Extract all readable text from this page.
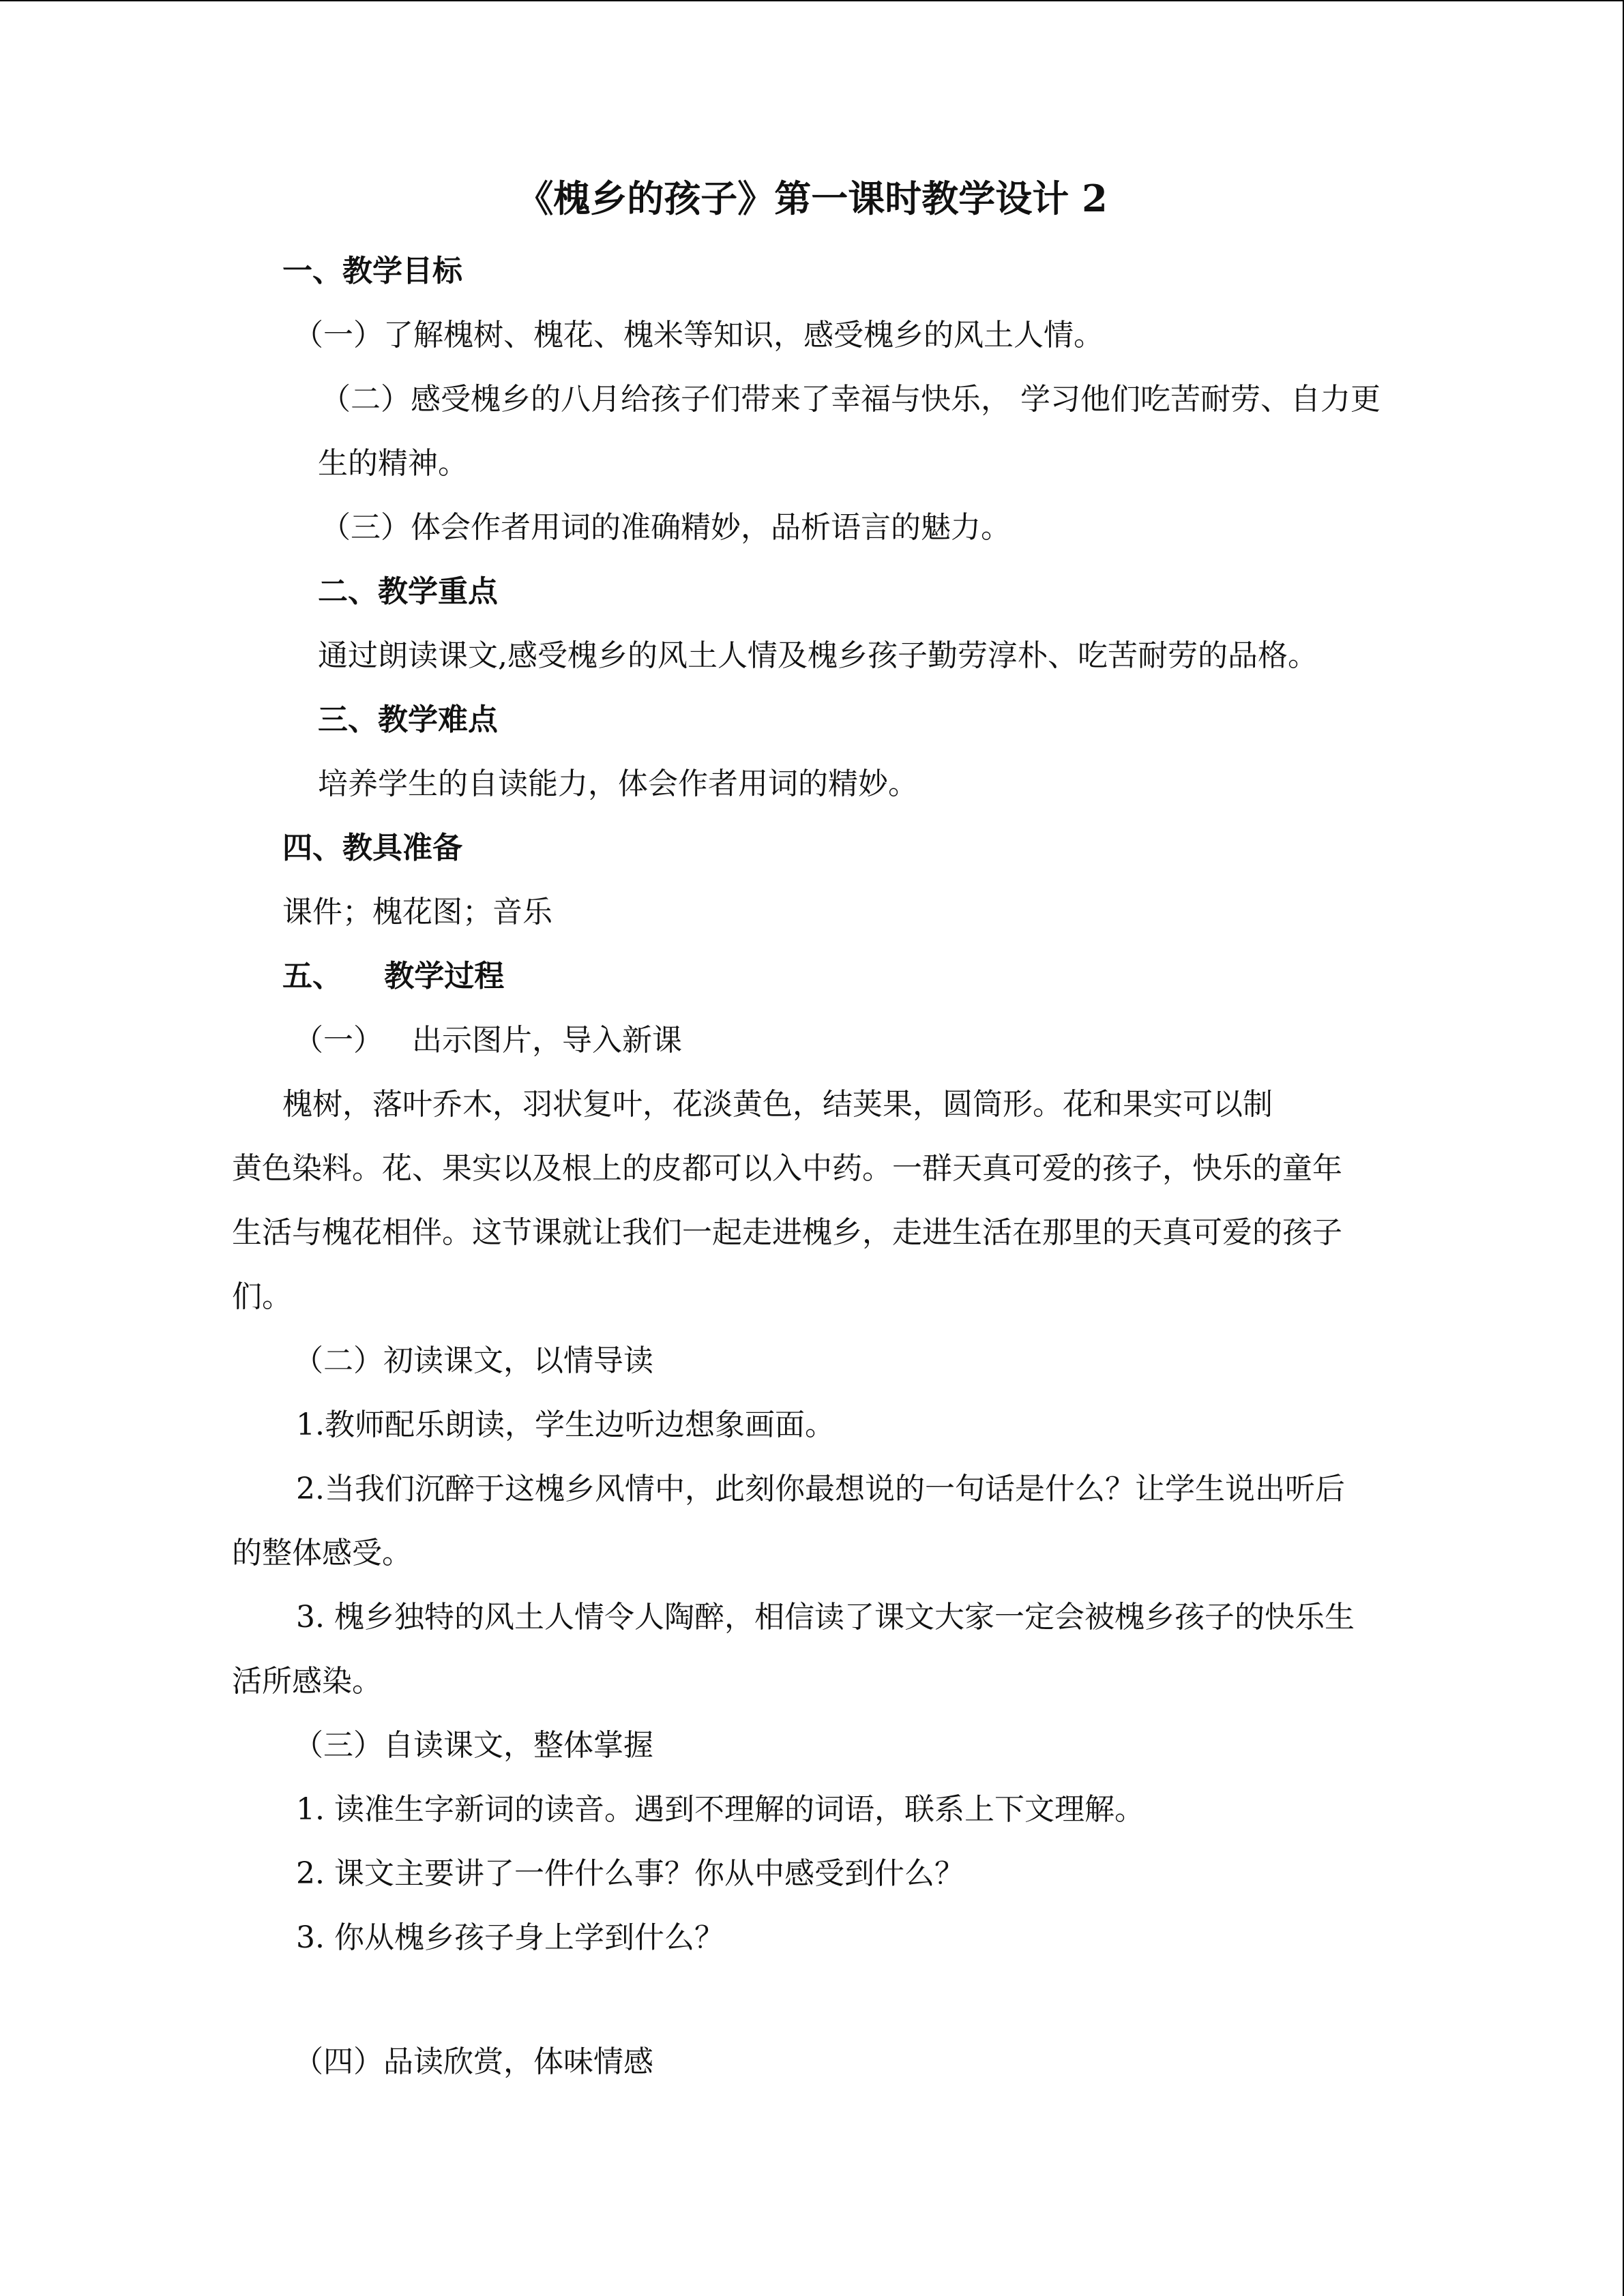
《槐乡的孩子》第一课时教学设计 2
一、教学目标
（一）了解槐树、槐花、槐米等知识，感受槐乡的风土人情。
（二）感受槐乡的八月给孩子们带来了幸福与快乐， 学习他们吃苦耐劳、自力更
生的精神。
（三）体会作者用词的准确精妙，品析语言的魅力。
二、教学重点
通过朗读课文,感受槐乡的风土人情及槐乡孩子勤劳淳朴、吃苦耐劳的品格。
三、教学难点
培养学生的自读能力，体会作者用词的精妙。
四、教具准备
课件；槐花图；音乐
五、    教学过程
（一）   出示图片，导入新课
槐树，落叶乔木，羽状复叶，花淡黄色，结荚果，圆筒形。花和果实可以制
黄色染料。花、果实以及根上的皮都可以入中药。一群天真可爱的孩子，快乐的童年
生活与槐花相伴。这节课就让我们一起走进槐乡，走进生活在那里的天真可爱的孩子
们。
（二）初读课文，以情导读
1.教师配乐朗读，学生边听边想象画面。
2.当我们沉醉于这槐乡风情中，此刻你最想说的一句话是什么？让学生说出听后
的整体感受。
3. 槐乡独特的风土人情令人陶醉，相信读了课文大家一定会被槐乡孩子的快乐生
活所感染。
（三）自读课文，整体掌握
1. 读准生字新词的读音。遇到不理解的词语，联系上下文理解。
2. 课文主要讲了一件什么事？你从中感受到什么？
3. 你从槐乡孩子身上学到什么？
（四）品读欣赏，体味情感
